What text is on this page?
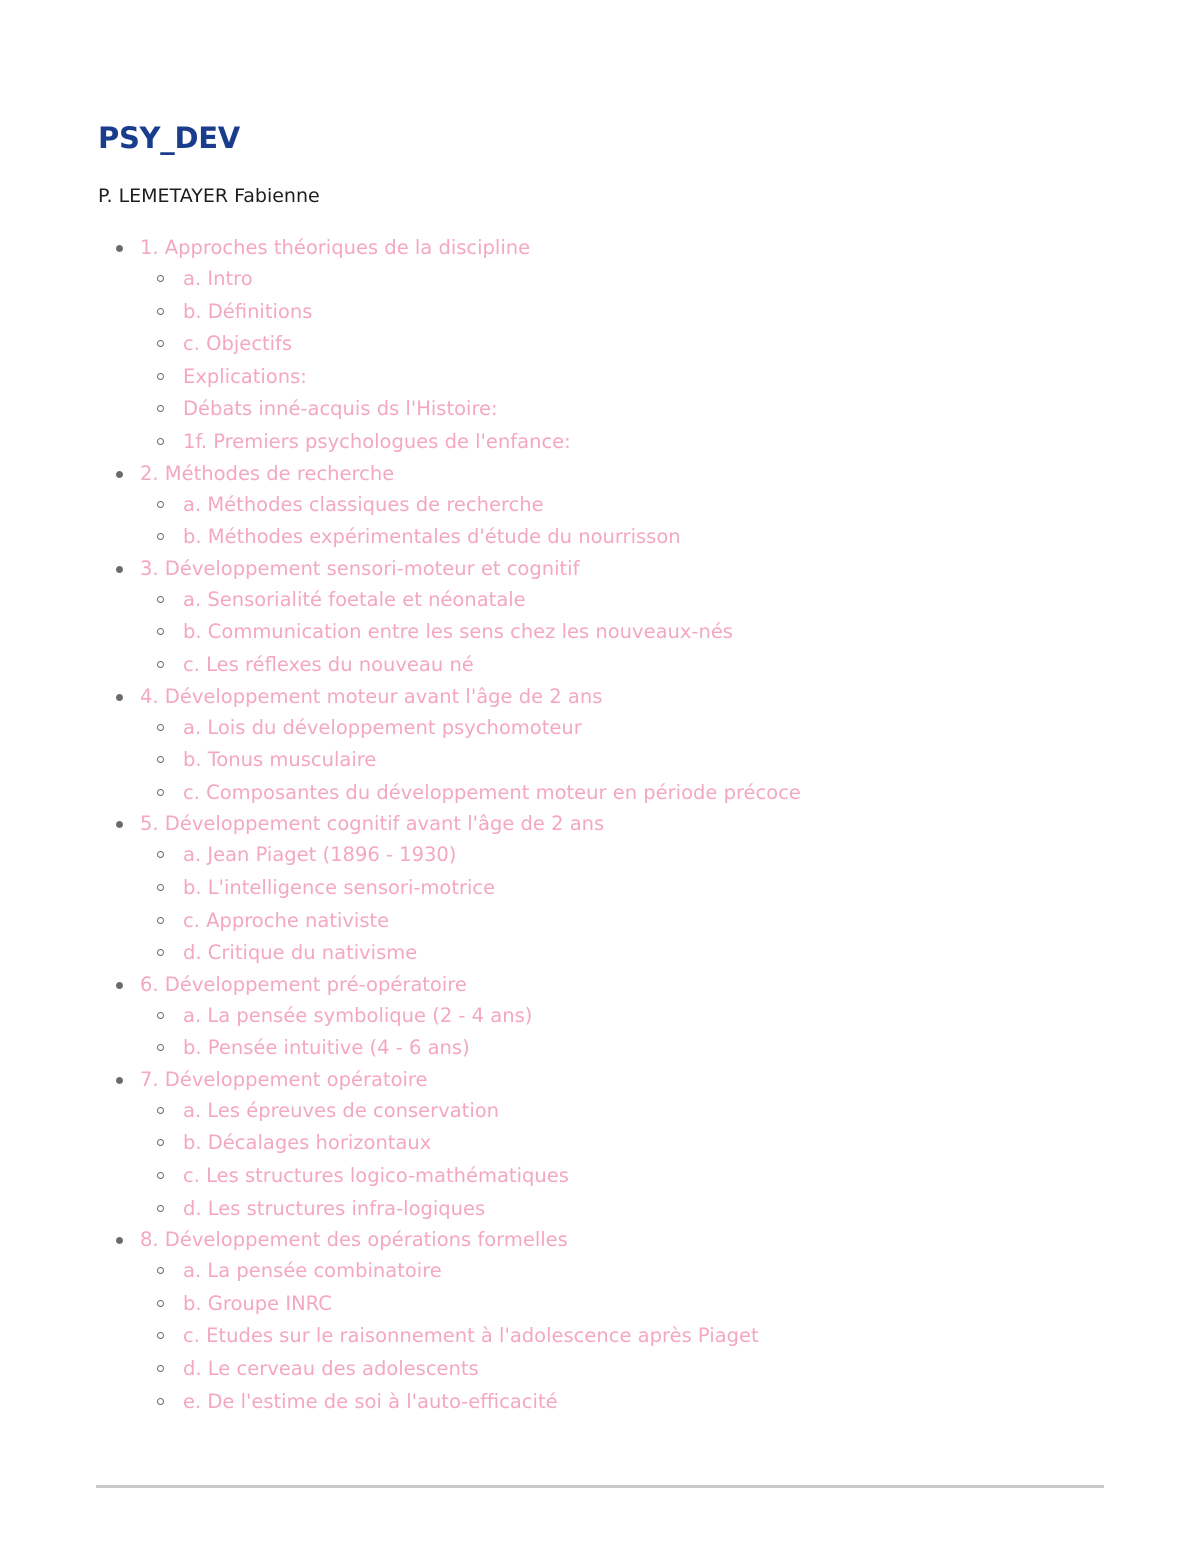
PSY_DEV

P. LEMETAYER Fabienne

1. Approches théoriques de la discipline
a. Intro
b. Définitions
c. Objectifs
Explications:
Débats inné-acquis ds l'Histoire:
1f. Premiers psychologues de l'enfance:
2. Méthodes de recherche
a. Méthodes classiques de recherche
b. Méthodes expérimentales d'étude du nourrisson
3. Développement sensori-moteur et cognitif
a. Sensorialité foetale et néonatale
b. Communication entre les sens chez les nouveaux-nés
c. Les réflexes du nouveau né
4. Développement moteur avant l'âge de 2 ans
a. Lois du développement psychomoteur
b. Tonus musculaire
c. Composantes du développement moteur en période précoce
5. Développement cognitif avant l'âge de 2 ans
a. Jean Piaget (1896 - 1930)
b. L'intelligence sensori-motrice
c. Approche nativiste
d. Critique du nativisme
6. Développement pré-opératoire
a. La pensée symbolique (2 - 4 ans)
b. Pensée intuitive (4 - 6 ans)
7. Développement opératoire
a. Les épreuves de conservation
b. Décalages horizontaux
c. Les structures logico-mathématiques
d. Les structures infra-logiques
8. Développement des opérations formelles
a. La pensée combinatoire
b. Groupe INRC
c. Etudes sur le raisonnement à l'adolescence après Piaget
d. Le cerveau des adolescents
e. De l'estime de soi à l'auto-efficacité
